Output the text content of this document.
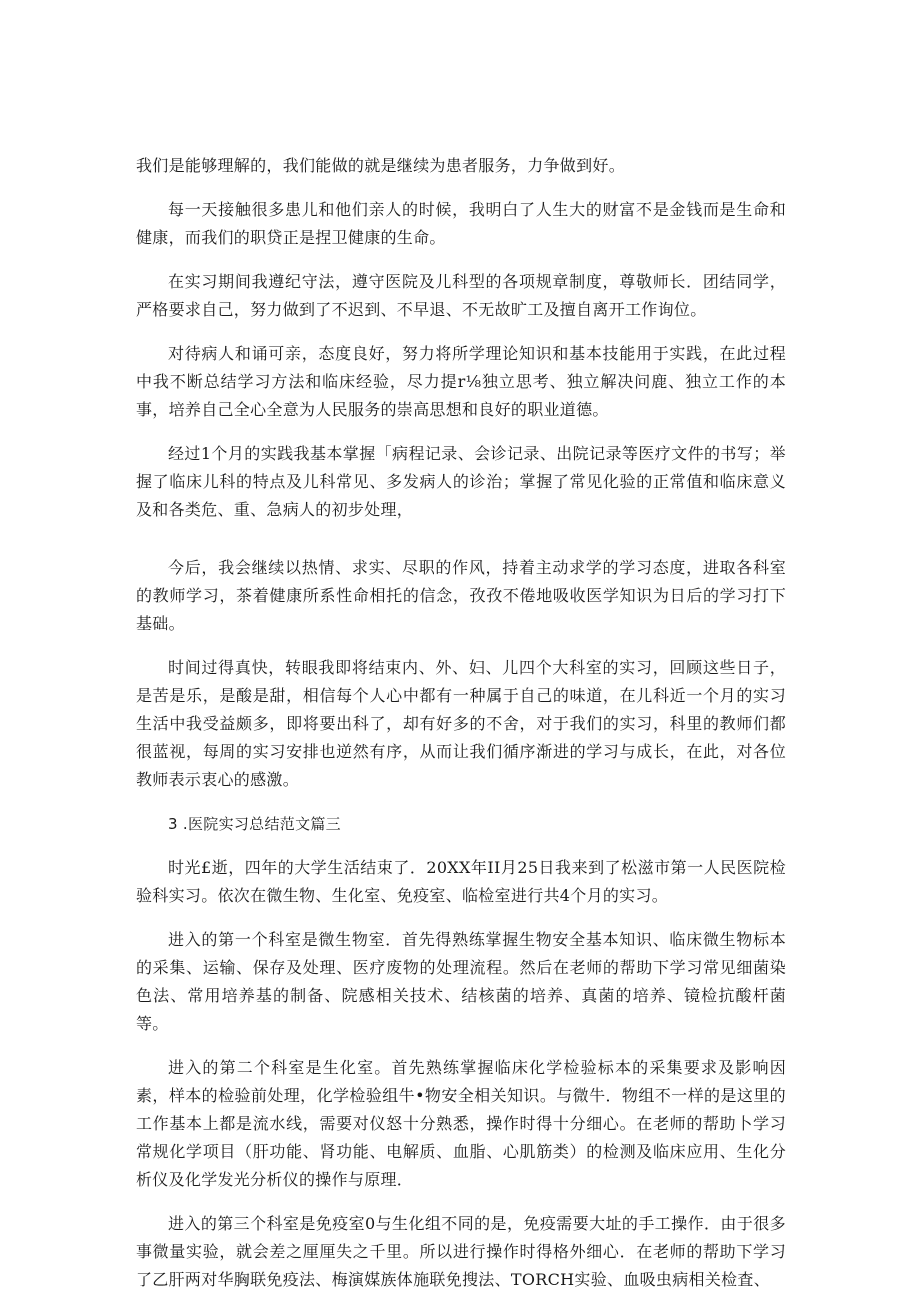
我们是能够理解的，我们能做的就是继续为患者服务，力争做到好。

每一天接触很多患儿和他们亲人的时候，我明白了人生大的财富不是金钱而是生命和健康，而我们的职贷正是捏卫健康的生命。

在实习期间我遵纪守法，遵守医院及儿科型的各项规章制度，尊敬师长．团结同学，严格要求自己，努力做到了不迟到、不早退、不无故旷工及擅自离开工作询位。

对待病人和诵可亲，态度良好，努力将所学理论知识和基本技能用于实践，在此过程中我不断总结学习方法和临床经验，尽力提r⅛独立思考、独立解决问鹿、独立工作的本事，培养自己全心全意为人民服务的崇高思想和良好的职业道德。

经过1个月的实践我基本掌握「病程记录、会诊记录、出院记录等医疗文件的书写；举握了临床儿科的特点及儿科常见、多发病人的诊治；掌握了常见化验的正常值和临床意义及和各类危、重、急病人的初步处理，

今后，我会继续以热情、求实、尽职的作风，持着主动求学的学习态度，进取各科室的教师学习，茶着健康所系性命相托的信念，孜孜不倦地吸收医学知识为日后的学习打下基础。

时间过得真快，转眼我即将结束内、外、妇、儿四个大科室的实习，回顾这些日子，是苦是乐，是酸是甜，相信每个人心中都有一种属于自己的味道，在儿科近一个月的实习生活中我受益颇多，即将要出科了，却有好多的不舍，对于我们的实习，科里的教师们都很蓝视，每周的实习安排也逆然有序，从而让我们循序渐进的学习与成长，在此，对各位教师表示衷心的感激。

3 .医院实习总结范文篇三

时光£逝，四年的大学生活结束了．20XX年II月25日我来到了松滋市第一人民医院检验科实习。依次在微生物、生化室、免疫室、临检室进行共4个月的实习。

进入的第一个科室是微生物室．首先得熟练掌握生物安全基本知识、临床微生物标本的采集、运输、保存及处理、医疗废物的处理流程。然后在老师的帮助下学习常见细菌染色法、常用培养基的制备、院感相关技术、结核菌的培养、真菌的培养、镜检抗酸杆菌等。

进入的第二个科室是生化室。首先熟练掌握临床化学检验标本的采集要求及影响因素，样本的检验前处理，化学检验组牛•物安全相关知识。与微牛．物组不一样的是这里的工作基本上都是流水线，需要对仪怒十分熟悉，操作时得十分细心。在老师的帮助卜学习常规化学项目（肝功能、肾功能、电解质、血脂、心肌筋类）的检测及临床应用、生化分析仪及化学发光分析仪的操作与原理．

进入的第三个科室是免疫室0与生化组不同的是，免疫需要大址的手工操作．由于很多事微量实验，就会差之厘厘失之千里。所以进行操作时得格外细心．在老师的帮助下学习了乙肝两对华胸联免疫法、梅演媒族体施联免搜法、TORCH实验、血吸虫病相关检査、
